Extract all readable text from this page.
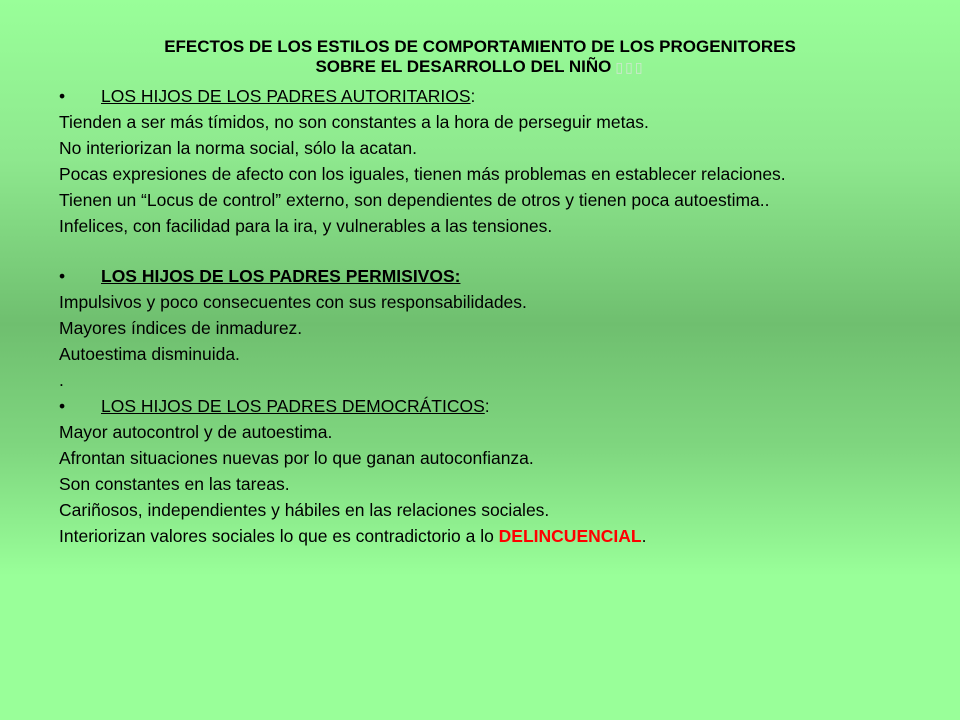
EFECTOS DE LOS ESTILOS DE COMPORTAMIENTO DE LOS PROGENITORES
SOBRE EL DESARROLLO DEL NIÑO ▯▯▯
• LOS HIJOS DE LOS PADRES AUTORITARIOS:
Tienden a ser más tímidos, no son constantes a la hora de perseguir metas.
No interiorizan la norma social, sólo la acatan.
Pocas expresiones de afecto con los iguales, tienen más problemas en establecer relaciones.
Tienen un “Locus de control” externo, son dependientes de otros y tienen poca autoestima..
Infelices, con facilidad para la ira, y vulnerables a las tensiones.
• LOS HIJOS DE LOS PADRES PERMISIVOS:
Impulsivos y poco consecuentes con sus responsabilidades.
Mayores índices de inmadurez.
Autoestima disminuida.
.
• LOS HIJOS DE LOS PADRES DEMOCRÁTICOS:
Mayor autocontrol y de autoestima.
Afrontan situaciones nuevas por lo que ganan autoconfianza.
Son constantes en las tareas.
Cariñosos, independientes y hábiles en las relaciones sociales.
Interiorizan valores sociales lo que es contradictorio a lo DELINCUENCIAL.
